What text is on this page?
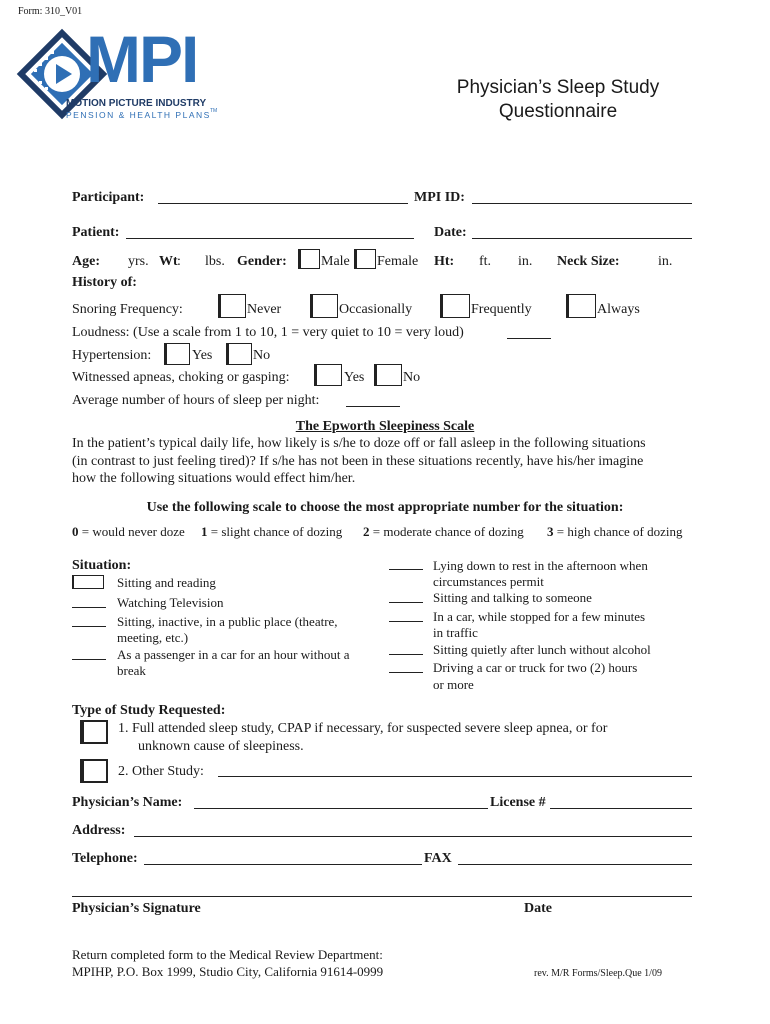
Form: 310_V01
MPI
MOTION PICTURE INDUSTRY
PENSION & HEALTH PLANS TM
Physician’s Sleep Study
Questionnaire
Participant:	MPI ID:
Patient:	Date:
Age: yrs. Wt : lbs. Gender: Male Female Ht: ft. in. Neck Size:	in.
History of:
Snoring Frequency:	Never	Occasionally	Frequently	Always
Loudness: (Use a scale from 1 to 10, 1 = very quiet to 10 = very loud)
Hypertension:	Yes	No
Witnessed apneas, choking or gasping:	Yes	No
Average number of hours of sleep per night:
The Epworth Sleepiness Scale
In the patient’s typical daily life, how likely is s/he to doze off or fall asleep in the following situations
(in contrast to just feeling tired)? If s/he has not been in these situations recently, have his/her imagine
how the following situations would effect him/her.
Use the following scale to choose the most appropriate number for the situation:
0 = would never doze 1 = slight chance of dozing 2 = moderate chance of dozing 3 = high chance of dozing
Situation:
Sitting and reading
Watching Television
Sitting, inactive, in a public place (theatre,
meeting, etc.)
As a passenger in a car for an hour without a
break
Lying down to rest in the afternoon when
circumstances permit
Sitting and talking to someone
In a car, while stopped for a few minutes
in traffic
Sitting quietly after lunch without alcohol
Driving a car or truck for two (2) hours
or more
Type of Study Requested:
1. Full attended sleep study, CPAP if necessary, for suspected severe sleep apnea, or for
unknown cause of sleepiness.
2. Other Study:
Physician’s Name:	License #
Address:
Telephone:	FAX
Physician’s Signature	Date
Return completed form to the Medical Review Department:
MPIHP, P.O. Box 1999, Studio City, California 91614-0999	rev. M/R Forms/Sleep.Que 1/09
